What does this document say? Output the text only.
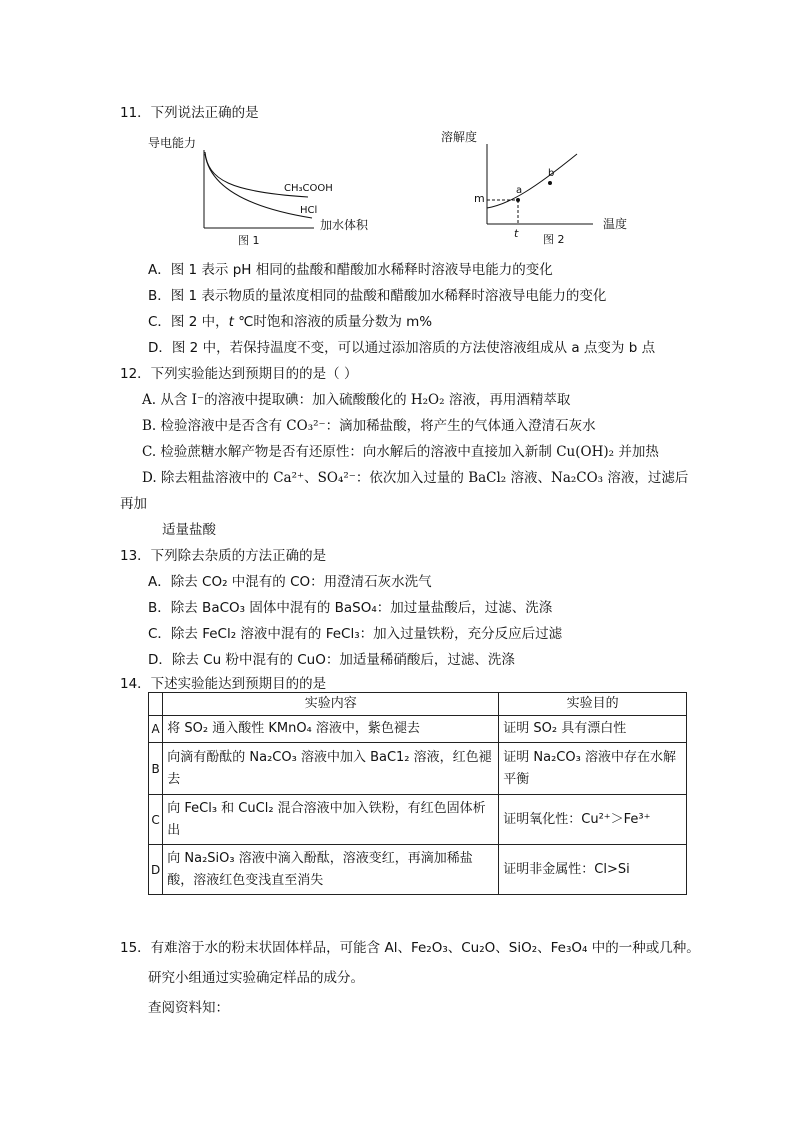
11．下列说法正确的是
导电能力
CH₃COOH
HCl
加水体积
图 1
溶解度
a
b
m
t
温度
图 2
A．图 1 表示 pH 相同的盐酸和醋酸加水稀释时溶液导电能力的变化
B．图 1 表示物质的量浓度相同的盐酸和醋酸加水稀释时溶液导电能力的变化
C．图 2 中，t ℃时饱和溶液的质量分数为 m%
D．图 2 中，若保持温度不变，可以通过添加溶质的方法使溶液组成从 a 点变为 b 点
12．下列实验能达到预期目的的是（ ）
A. 从含 I⁻的溶液中提取碘：加入硫酸酸化的 H₂O₂ 溶液，再用酒精萃取
B. 检验溶液中是否含有 CO₃²⁻：滴加稀盐酸，将产生的气体通入澄清石灰水
C. 检验蔗糖水解产物是否有还原性：向水解后的溶液中直接加入新制 Cu(OH)₂ 并加热
D. 除去粗盐溶液中的 Ca²⁺、SO₄²⁻：依次加入过量的 BaCl₂ 溶液、Na₂CO₃ 溶液，过滤后
再加
适量盐酸
13．下列除去杂质的方法正确的是
A．除去 CO₂ 中混有的 CO：用澄清石灰水洗气
B．除去 BaCO₃ 固体中混有的 BaSO₄：加过量盐酸后，过滤、洗涤
C．除去 FeCl₂ 溶液中混有的 FeCl₃：加入过量铁粉，充分反应后过滤
D．除去 Cu 粉中混有的 CuO：加适量稀硝酸后，过滤、洗涤
14．下述实验能达到预期目的的是
	实验内容	实验目的
A	将 SO₂ 通入酸性 KMnO₄ 溶液中，紫色褪去	证明 SO₂ 具有漂白性
B	向滴有酚酞的 Na₂CO₃ 溶液中加入 BaC1₂ 溶液，红色褪去	证明 Na₂CO₃ 溶液中存在水解平衡
C	向 FeCl₃ 和 CuCl₂ 混合溶液中加入铁粉，有红色固体析出	证明氧化性：Cu²⁺＞Fe³⁺
D	向 Na₂SiO₃ 溶液中滴入酚酞，溶液变红，再滴加稀盐酸，溶液红色变浅直至消失	证明非金属性：Cl>Si
15．有难溶于水的粉末状固体样品，可能含 Al、Fe₂O₃、Cu₂O、SiO₂、Fe₃O₄ 中的一种或几种。
研究小组通过实验确定样品的成分。
查阅资料知：
